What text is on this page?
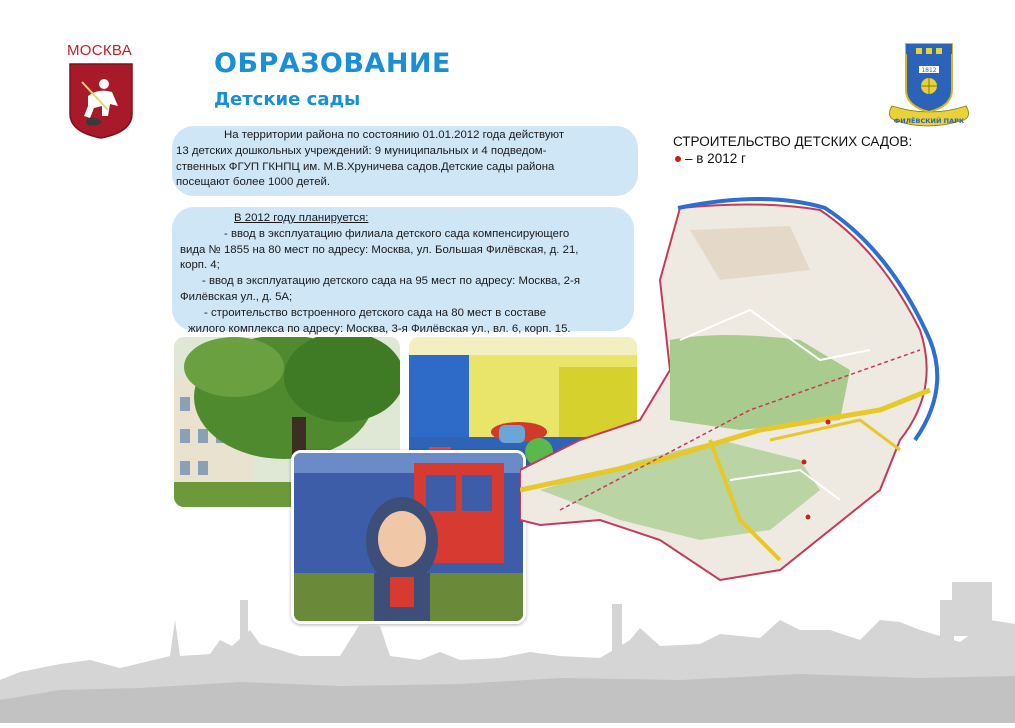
МОСКВА	ОБРАЗОВАНИЕ
Детские сады
1812
ФИЛЁВСКИЙ ПАРК

На территории района по состоянию 01.01.2012 года действуют

13 детских дошкольных учреждений: 9 муниципальных и 4 подведом-

ственных ФГУП ГКНПЦ им. М.В.Хруничева садов.Детские сады района

посещают более 1000 детей.

В 2012 году планируется:

- ввод в эксплуатацию филиала детского сада компенсирующего

вида № 1855 на 80 мест по адресу: Москва, ул. Большая Филёвская, д. 21,

корп. 4;

- ввод в эксплуатацию детского сада на 95 мест по адресу: Москва, 2-я

Филёвская ул., д. 5А;

- строительство встроенного детского сада на 80 мест в составе

жилого комплекса по адресу: Москва, 3-я Филёвская ул., вл. 6, корп. 15.

СТРОИТЕЛЬСТВО ДЕТСКИХ САДОВ:
– в 2012 г
